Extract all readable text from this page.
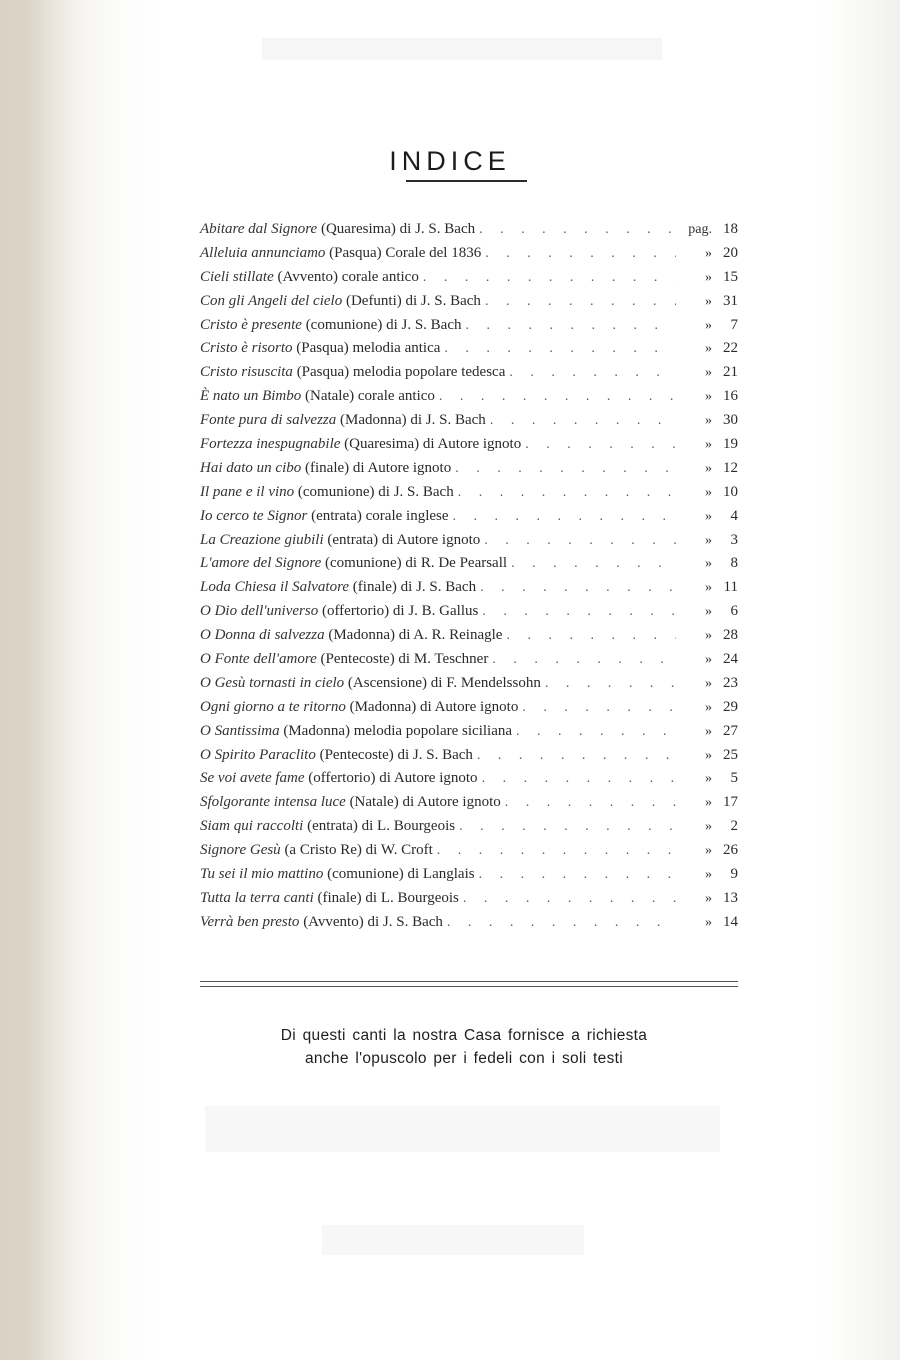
INDICE
Abitare dal Signore (Quaresima) di J. S. Bach . . .	pag. 18
Alleluia annunciamo (Pasqua) Corale del 1836 . . .	» 20
Cieli stillate (Avvento) corale antico . . .	» 15
Con gli Angeli del cielo (Defunti) di J. S. Bach . . .	» 31
Cristo è presente (comunione) di J. S. Bach . . .	»	7
Cristo è risorto (Pasqua) melodia antica . . .	» 22
Cristo risuscita (Pasqua) melodia popolare tedesca . . .	» 21
È nato un Bimbo (Natale) corale antico . . .	» 16
Fonte pura di salvezza (Madonna) di J. S. Bach . . .	» 30
Fortezza inespugnabile (Quaresima) di Autore ignoto . . .	» 19
Hai dato un cibo (finale) di Autore ignoto . . .	» 12
Il pane e il vino (comunione) di J. S. Bach . . .	» 10
Io cerco te Signor (entrata) corale inglese . . .	»	4
La Creazione giubili (entrata) di Autore ignoto . . .	»	3
L'amore del Signore (comunione) di R. De Pearsall . . .	»	8
Loda Chiesa il Salvatore (finale) di J. S. Bach . . .	» 11
O Dio dell'universo (offertorio) di J. B. Gallus . . .	»	6
O Donna di salvezza (Madonna) di A. R. Reinagle . . .	» 28
O Fonte dell'amore (Pentecoste) di M. Teschner . . .	» 24
O Gesù tornasti in cielo (Ascensione) di F. Mendelssohn . . .	» 23
Ogni giorno a te ritorno (Madonna) di Autore ignoto . . .	» 29
O Santissima (Madonna) melodia popolare siciliana . . .	» 27
O Spirito Paraclito (Pentecoste) di J. S. Bach . . .	» 25
Se voi avete fame (offertorio) di Autore ignoto . . .	»	5
Sfolgorante intensa luce (Natale) di Autore ignoto . . .	» 17
Siam qui raccolti (entrata) di L. Bourgeois . . .	»	2
Signore Gesù (a Cristo Re) di W. Croft . . .	» 26
Tu sei il mio mattino (comunione) di Langlais . . .	»	9
Tutta la terra canti (finale) di L. Bourgeois . . .	» 13
Verrà ben presto (Avvento) di J. S. Bach . . .	» 14
Di questi canti la nostra Casa fornisce a richiesta
anche l'opuscolo per i fedeli con i soli testi
